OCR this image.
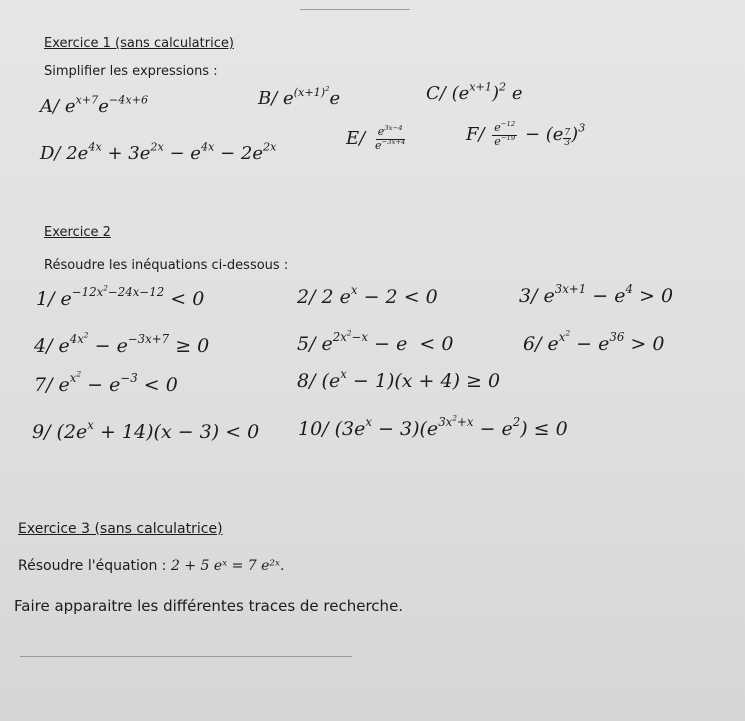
Exercice 1 (sans calculatrice)
Simplifier les expressions :
A/ $e^{x+7}e^{-4x+6}$	B/ $e^{(x+1)^2}e$	C/ $(e^{x+1})^2$ e
D/ $2e^{4x} + 3e^{2x} - e^{4x} - 2e^{2x}$	$E/ \frac{e^{3x-4}}{e^{-3x+4}}$	$F/ \frac{e^{-12}}{e^{-19}} - (e \frac{7}{3} )^3$
Exercice 2
Résoudre les inéquations ci-dessous :
1/ $e^{-12x^2-24x-12} < 0$	2/ 2 $e^x - 2 < 0$	3/ $e^{3x+1} - e^4 > 0$
4/ $e^{4x^2} - e^{-3x+7} \ge 0$	5/ $e^{2x^2-x} - e < 0$	6/ $e^{x^2} - e^{36} > 0$
7/ $e^{x^2} - e^{-3} < 0$	8/ $(e^x - 1)(x + 4) \ge 0$
9/ $(2e^x + 14)(x - 3) < 0$ 10/ $(3e^x - 3)(e^{3x^2+x} - e^2) \le 0$
Exercice 3 (sans calculatrice)
Résoudre l'équation : 2 + 5 eˣ = 7 e²ˣ.
Faire apparaitre les différentes traces de recherche.
